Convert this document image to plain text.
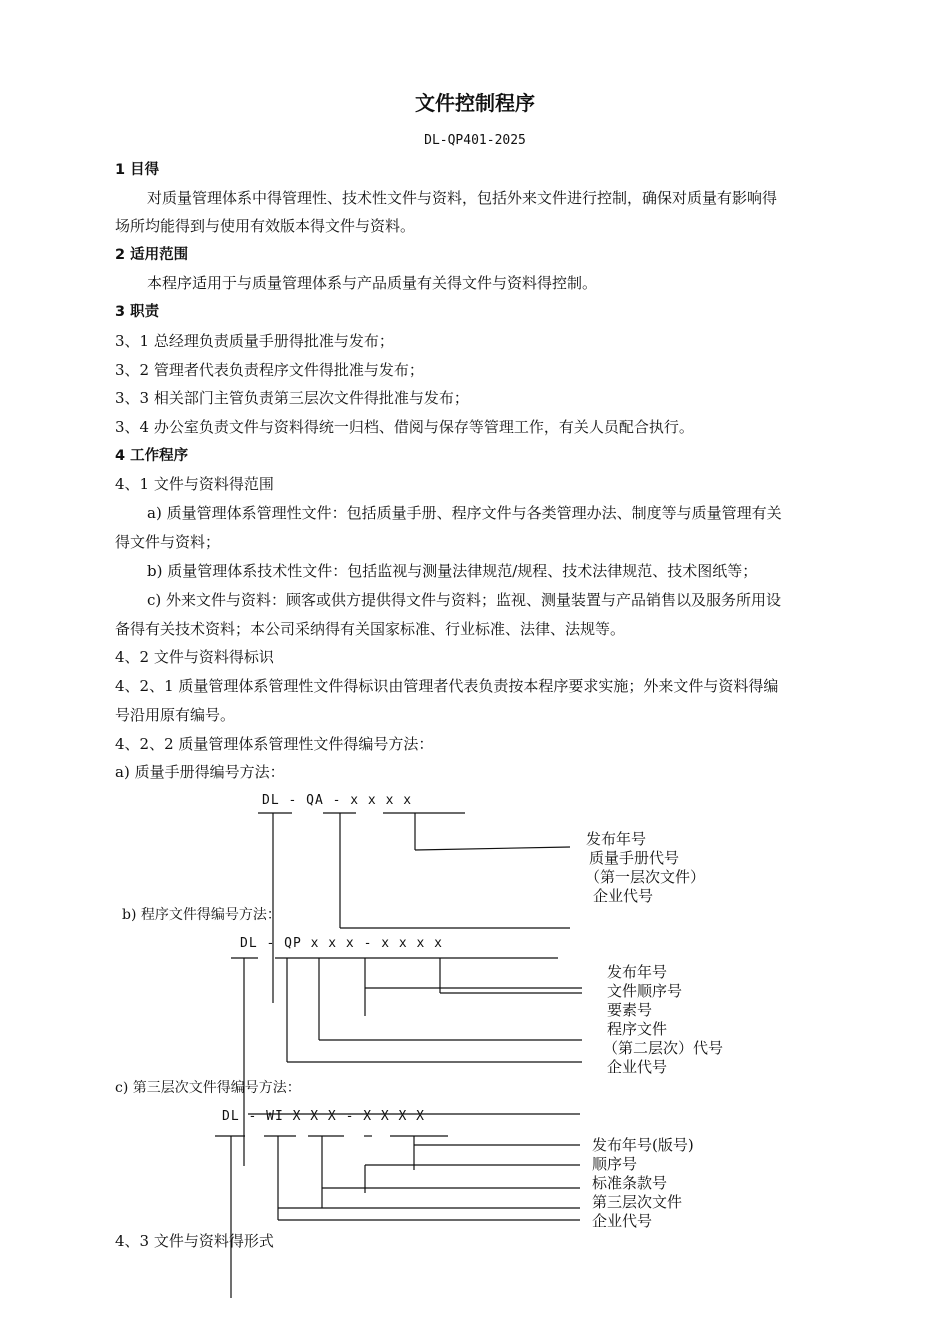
文件控制程序
DL-QP401-2025
1 目得
对质量管理体系中得管理性、技术性文件与资料，包括外来文件进行控制，确保对质量有影响得
场所均能得到与使用有效版本得文件与资料。
2 适用范围
本程序适用于与质量管理体系与产品质量有关得文件与资料得控制。
3 职责
3、1 总经理负责质量手册得批准与发布；
3、2 管理者代表负责程序文件得批准与发布；
3、3 相关部门主管负责第三层次文件得批准与发布；
3、4 办公室负责文件与资料得统一归档、借阅与保存等管理工作，有关人员配合执行。
4 工作程序
4、1 文件与资料得范围
a) 质量管理体系管理性文件：包括质量手册、程序文件与各类管理办法、制度等与质量管理有关
得文件与资料；
b) 质量管理体系技术性文件：包括监视与测量法律规范/规程、技术法律规范、技术图纸等；
c) 外来文件与资料：顾客或供方提供得文件与资料；监视、测量装置与产品销售以及服务所用设
备得有关技术资料；本公司采纳得有关国家标准、行业标准、法律、法规等。
4、2 文件与资料得标识
4、2、1 质量管理体系管理性文件得标识由管理者代表负责按本程序要求实施；外来文件与资料得编
号沿用原有编号。
4、2、2 质量管理体系管理性文件得编号方法：
a) 质量手册得编号方法：
DL - QA - x x x x
发布年号
质量手册代号
（第一层次文件）
企业代号
b) 程序文件得编号方法：
DL - QP x x x - x x x x
发布年号
文件顺序号
要素号
程序文件
（第二层次）代号
企业代号
c) 第三层次文件得编号方法：
DL - WI X X X - X X X X
发布年号(版号)
顺序号
标准条款号
第三层次文件
企业代号
4、3 文件与资料得形式
